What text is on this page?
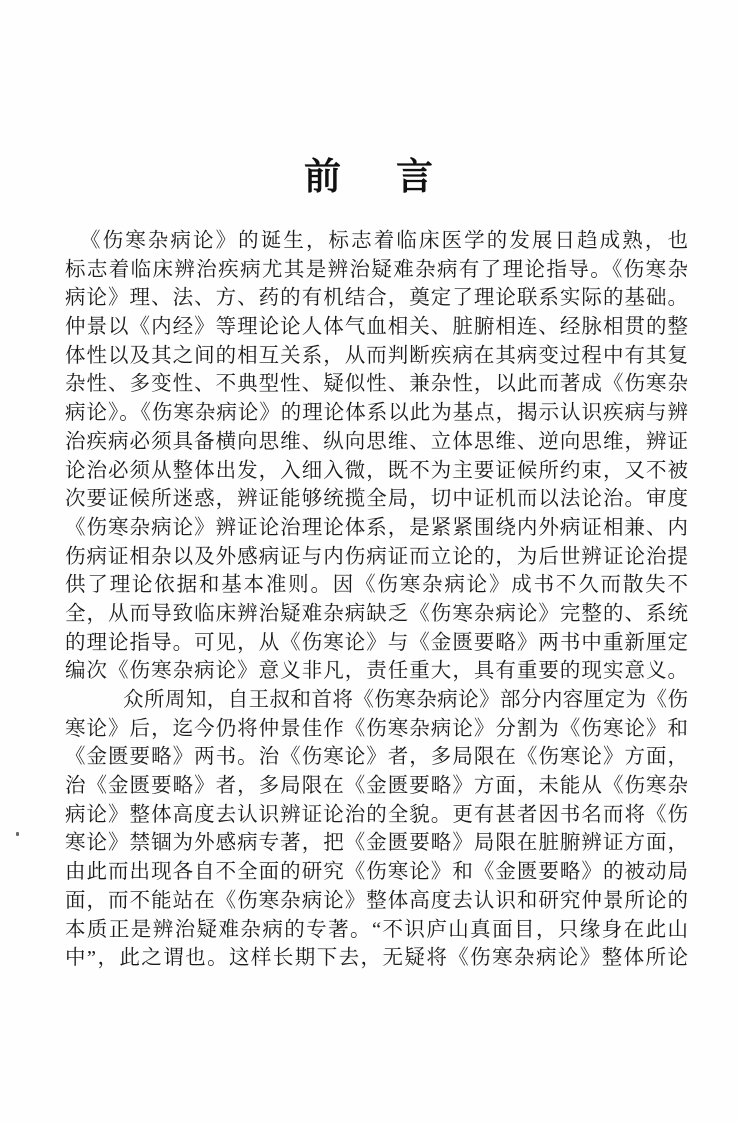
前　言
《伤寒杂病论》的诞生，标志着临床医学的发展日趋成熟，也
标志着临床辨治疾病尤其是辨治疑难杂病有了理论指导。《伤寒杂
病论》理、法、方、药的有机结合，奠定了理论联系实际的基础。
仲景以《内经》等理论论人体气血相关、脏腑相连、经脉相贯的整
体性以及其之间的相互关系，从而判断疾病在其病变过程中有其复
杂性、多变性、不典型性、疑似性、兼杂性，以此而著成《伤寒杂
病论》。《伤寒杂病论》的理论体系以此为基点，揭示认识疾病与辨
治疾病必须具备横向思维、纵向思维、立体思维、逆向思维，辨证
论治必须从整体出发，入细入微，既不为主要证候所约束，又不被
次要证候所迷惑，辨证能够统揽全局，切中证机而以法论治。审度
《伤寒杂病论》辨证论治理论体系，是紧紧围绕内外病证相兼、内
伤病证相杂以及外感病证与内伤病证而立论的，为后世辨证论治提
供了理论依据和基本准则。因《伤寒杂病论》成书不久而散失不
全，从而导致临床辨治疑难杂病缺乏《伤寒杂病论》完整的、系统
的理论指导。可见，从《伤寒论》与《金匮要略》两书中重新厘定
编次《伤寒杂病论》意义非凡，责任重大，具有重要的现实意义。
众所周知，自王叔和首将《伤寒杂病论》部分内容厘定为《伤
寒论》后，迄今仍将仲景佳作《伤寒杂病论》分割为《伤寒论》和
《金匮要略》两书。治《伤寒论》者，多局限在《伤寒论》方面，
治《金匮要略》者，多局限在《金匮要略》方面，未能从《伤寒杂
病论》整体高度去认识辨证论治的全貌。更有甚者因书名而将《伤
寒论》禁锢为外感病专著，把《金匮要略》局限在脏腑辨证方面，
由此而出现各自不全面的研究《伤寒论》和《金匮要略》的被动局
面，而不能站在《伤寒杂病论》整体高度去认识和研究仲景所论的
本质正是辨治疑难杂病的专著。“不识庐山真面目，只缘身在此山
中”，此之谓也。这样长期下去，无疑将《伤寒杂病论》整体所论
